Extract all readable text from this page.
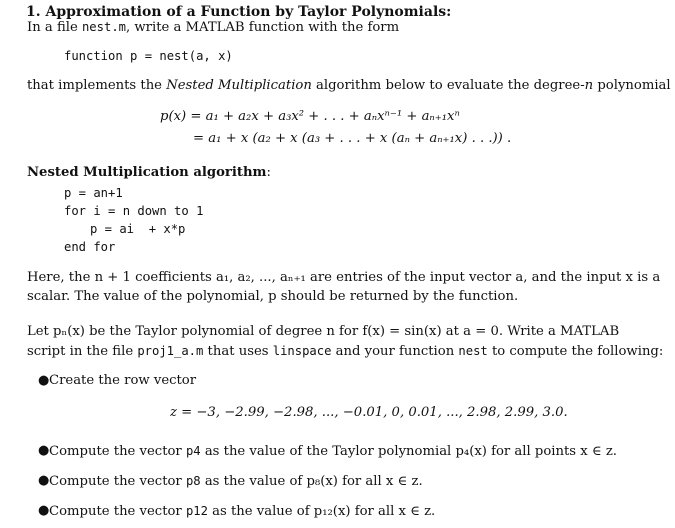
1. Approximation of a Function by Taylor Polynomials:
In a file nest.m, write a MATLAB function with the form
function p = nest(a, x)
that implements the Nested Multiplication algorithm below to evaluate the degree-n polynomial
p(x) = a₁ + a₂x + a₃x² + . . . + aₙxⁿ⁻¹ + aₙ₊₁xⁿ
= a₁ + x (a₂ + x (a₃ + . . . + x (aₙ + aₙ₊₁x) . . .)) .
Nested Multiplication algorithm:
p = an+1
for i = n down to 1
p = ai  + x*p
end for
Here, the n + 1 coefficients a₁, a₂, ..., aₙ₊₁ are entries of the input vector a, and the input x is a
scalar. The value of the polynomial, p should be returned by the function.
Let pₙ(x) be the Taylor polynomial of degree n for f(x) = sin(x) at a = 0. Write a MATLAB
script in the file proj1_a.m that uses linspace and your function nest to compute the following:
● Create the row vector
z = −3, −2.99, −2.98, ..., −0.01, 0, 0.01, ..., 2.98, 2.99, 3.0.
● Compute the vector p4 as the value of the Taylor polynomial p₄(x) for all points x ∈ z.
● Compute the vector p8 as the value of p₈(x) for all x ∈ z.
● Compute the vector p12 as the value of p₁₂(x) for all x ∈ z.
